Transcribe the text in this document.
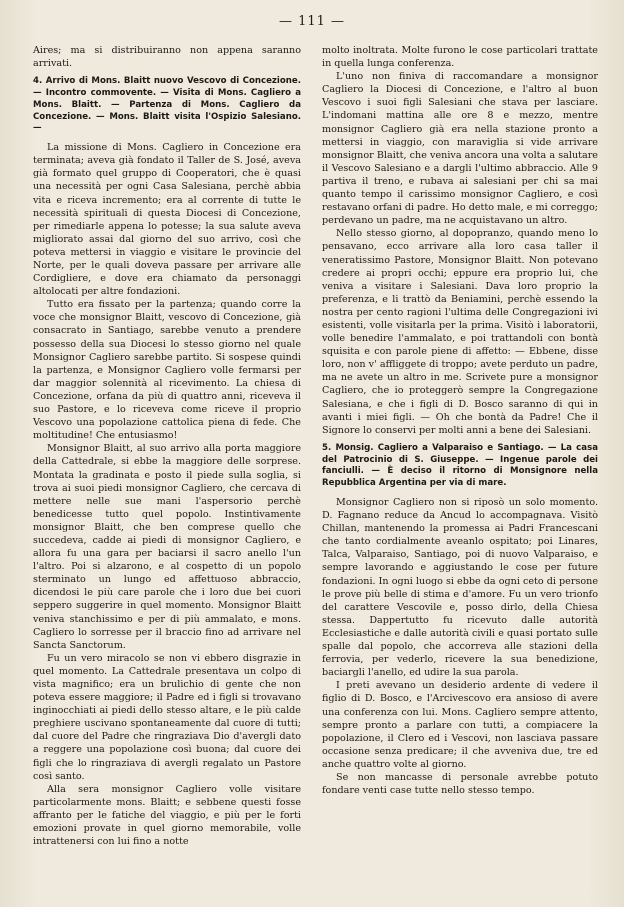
— 111 —

Aires; ma si distribuiranno non appena saranno arrivati.

4. Arrivo di Mons. Blaitt nuovo Vescovo di Concezione. — Incontro commovente. — Visita di Mons. Cagliero a Mons. Blaitt. — Partenza di Mons. Cagliero da Concezione. — Mons. Blaitt visita l'Ospizio Salesiano. —

La missione di Mons. Cagliero in Concezione era terminata; aveva già fondato il Taller de S. José, aveva già formato quel gruppo di Cooperatori, che è quasi una necessità per ogni Casa Salesiana, perchè abbia vita e riceva incremento; era al corrente di tutte le necessità spirituali di questa Diocesi di Concezione, per rimediarle appena lo potesse; la sua salute aveva migliorato assai dal giorno del suo arrivo, così che poteva mettersi in viaggio e visitare le provincie del Norte, per le quali doveva passare per arrivare alle Cordigliere, e dove era chiamato da personaggi altolocati per altre fondazioni.

Tutto era fissato per la partenza; quando corre la voce che monsignor Blaitt, vescovo di Concezione, già consacrato in Santiago, sarebbe venuto a prendere possesso della sua Diocesi lo stesso giorno nel quale Monsignor Cagliero sarebbe partito. Si sospese quindi la partenza, e Monsignor Cagliero volle fermarsi per dar maggior solennità al ricevimento. La chiesa di Concezione, orfana da più di quattro anni, riceveva il suo Pastore, e lo riceveva come riceve il proprio Vescovo una popolazione cattolica piena di fede. Che moltitudine! Che entusiasmo!

Monsignor Blaitt, al suo arrivo alla porta maggiore della Cattedrale, si ebbe la maggiore delle sorprese. Montata la gradinata e posto il piede sulla soglia, si trova ai suoi piedi monsignor Cagliero, che cercava di mettere nelle sue mani l'aspersorio perchè benedicesse tutto quel popolo. Instintivamente monsignor Blaitt, che ben comprese quello che succedeva, cadde ai piedi di monsignor Cagliero, e allora fu una gara per baciarsi il sacro anello l'un l'altro. Poi si alzarono, e al cospetto di un popolo sterminato un lungo ed affettuoso abbraccio, dicendosi le più care parole che i loro due bei cuori seppero suggerire in quel momento. Monsignor Blaitt veniva stanchissimo e per di più ammalato, e mons. Cagliero lo sorresse per il braccio fino ad arrivare nel Sancta Sanctorum.

Fu un vero miracolo se non vi ebbero disgrazie in quel momento. La Cattedrale presentava un colpo di vista magnifico; era un brulichio di gente che non poteva essere maggiore; il Padre ed i figli si trovavano inginocchiati ai piedi dello stesso altare, e le più calde preghiere uscivano spontaneamente dal cuore di tutti; dal cuore del Padre che ringraziava Dio d'avergli dato a reggere una popolazione così buona; dal cuore dei figli che lo ringraziava di avergli regalato un Pastore così santo.

Alla sera monsignor Cagliero volle visitare particolarmente mons. Blaitt; e sebbene questi fosse affranto per le fatiche del viaggio, e più per le forti emozioni provate in quel giorno memorabile, volle intrattenersi con lui fino a notte

molto inoltrata. Molte furono le cose particolari trattate in quella lunga conferenza.

L'uno non finiva di raccomandare a monsignor Cagliero la Diocesi di Concezione, e l'altro al buon Vescovo i suoi figli Salesiani che stava per lasciare. L'indomani mattina alle ore 8 e mezzo, mentre monsignor Cagliero già era nella stazione pronto a mettersi in viaggio, con maraviglia si vide arrivare monsignor Blaitt, che veniva ancora una volta a salutare il Vescovo Salesiano e a dargli l'ultimo abbraccio. Alle 9 partiva il treno, e rubava ai salesiani per chi sa mai quanto tempo il carissimo monsignor Cagliero, e così restavano orfani di padre. Ho detto male, e mi correggo; perdevano un padre, ma ne acquistavano un altro.

Nello stesso giorno, al dopopranzo, quando meno lo pensavano, ecco arrivare alla loro casa taller il veneratissimo Pastore, Monsignor Blaitt. Non potevano credere ai propri occhi; eppure era proprio lui, che veniva a visitare i Salesiani. Dava loro proprio la preferenza, e li trattò da Beniamini, perchè essendo la nostra per cento ragioni l'ultima delle Congregazioni ivi esistenti, volle visitarla per la prima. Visitò i laboratorii, volle benedire l'ammalato, e poi trattandoli con bontà squisita e con parole piene di affetto: — Ebbene, disse loro, non v' affliggete di troppo; avete perduto un padre, ma ne avete un altro in me. Scrivete pure a monsignor Cagliero, che io proteggerò sempre la Congregazione Salesiana, e che i figli di D. Bosco saranno di qui in avanti i miei figli. — Oh che bontà da Padre! Che il Signore lo conservi per molti anni a bene dei Salesiani.

5. Monsig. Cagliero a Valparaiso e Santiago. — La casa del Patrocinio di S. Giuseppe. — Ingenue parole dei fanciulli. — È deciso il ritorno di Monsignore nella Repubblica Argentina per via di mare.

Monsignor Cagliero non si riposò un solo momento. D. Fagnano reduce da Ancud lo accompagnava. Visitò Chillan, mantenendo la promessa ai Padri Francescani che tanto cordialmente aveanlo ospitato; poi Linares, Talca, Valparaiso, Santiago, poi di nuovo Valparaiso, e sempre lavorando e aggiustando le cose per future fondazioni. In ogni luogo si ebbe da ogni ceto di persone le prove più belle di stima e d'amore. Fu un vero trionfo del carattere Vescovile e, posso dirlo, della Chiesa stessa. Dappertutto fu ricevuto dalle autorità Ecclesiastiche e dalle autorità civili e quasi portato sulle spalle dal popolo, che accorreva alle stazioni della ferrovia, per vederlo, ricevere la sua benedizione, baciargli l'anello, ed udire la sua parola.

I preti avevano un desiderio ardente di vedere il figlio di D. Bosco, e l'Arcivescovo era ansioso di avere una conferenza con lui. Mons. Cagliero sempre attento, sempre pronto a parlare con tutti, a compiacere la popolazione, il Clero ed i Vescovi, non lasciava passare occasione senza predicare; il che avveniva due, tre ed anche quattro volte al giorno.

Se non mancasse di personale avrebbe potuto fondare venti case tutte nello stesso tempo.
